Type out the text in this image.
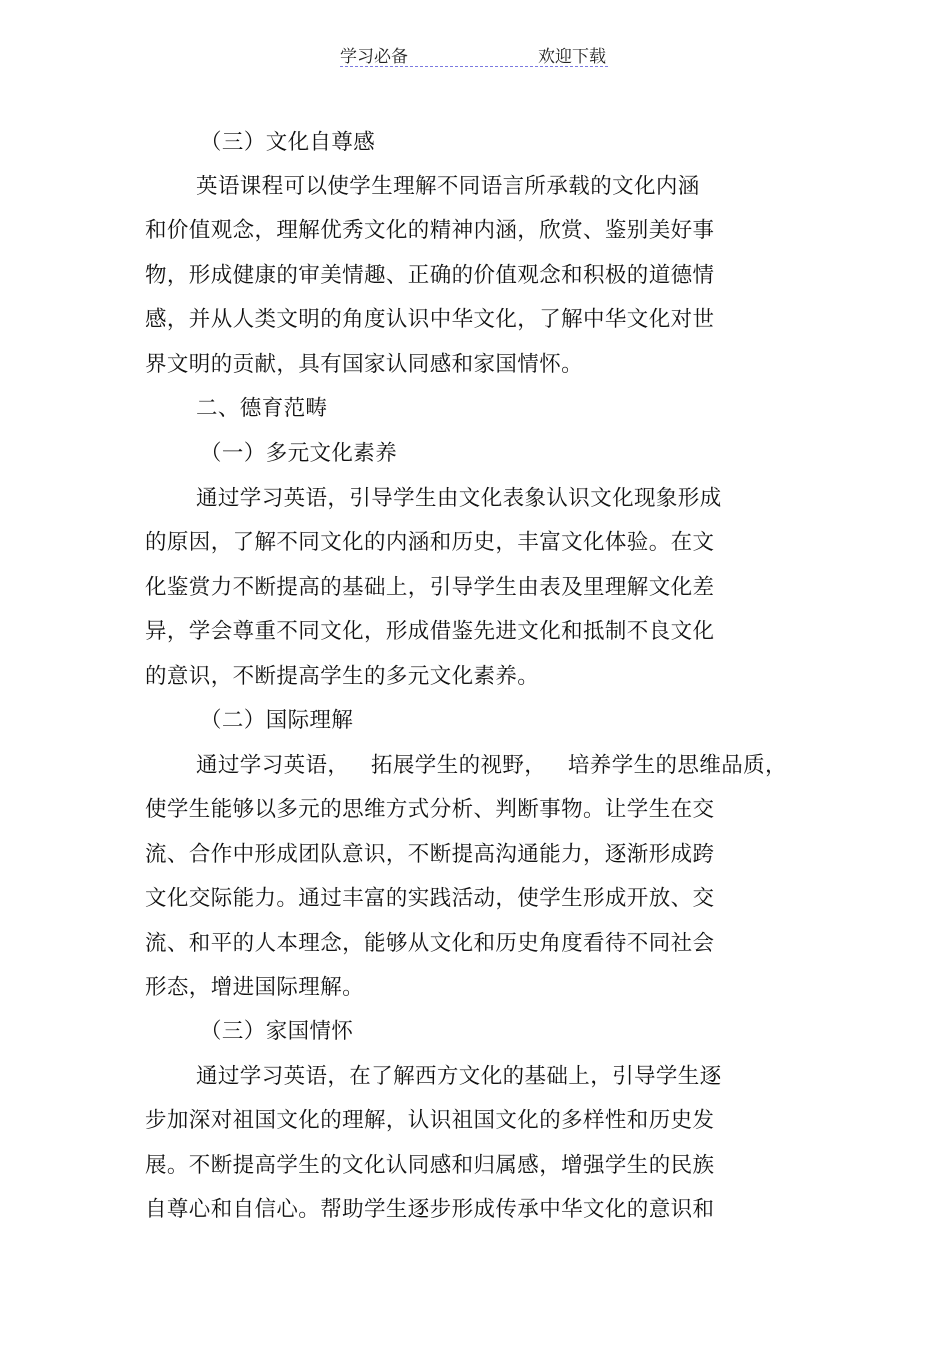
学习必备	欢迎下载
（三）文化自尊感
英语课程可以使学生理解不同语言所承载的文化内涵
和价值观念，理解优秀文化的精神内涵，欣赏、鉴别美好事
物，形成健康的审美情趣、正确的价值观念和积极的道德情
感，并从人类文明的角度认识中华文化，了解中华文化对世
界文明的贡献，具有国家认同感和家国情怀。
二、德育范畴
（一）多元文化素养
通过学习英语，引导学生由文化表象认识文化现象形成
的原因，了解不同文化的内涵和历史，丰富文化体验。在文
化鉴赏力不断提高的基础上，引导学生由表及里理解文化差
异，学会尊重不同文化，形成借鉴先进文化和抵制不良文化
的意识，不断提高学生的多元文化素养。
（二）国际理解
通过学习英语，   拓展学生的视野，   培养学生的思维品质，
使学生能够以多元的思维方式分析、判断事物。让学生在交
流、合作中形成团队意识，不断提高沟通能力，逐渐形成跨
文化交际能力。通过丰富的实践活动，使学生形成开放、交
流、和平的人本理念，能够从文化和历史角度看待不同社会
形态，增进国际理解。
（三）家国情怀
通过学习英语，在了解西方文化的基础上，引导学生逐
步加深对祖国文化的理解，认识祖国文化的多样性和历史发
展。不断提高学生的文化认同感和归属感，增强学生的民族
自尊心和自信心。帮助学生逐步形成传承中华文化的意识和
